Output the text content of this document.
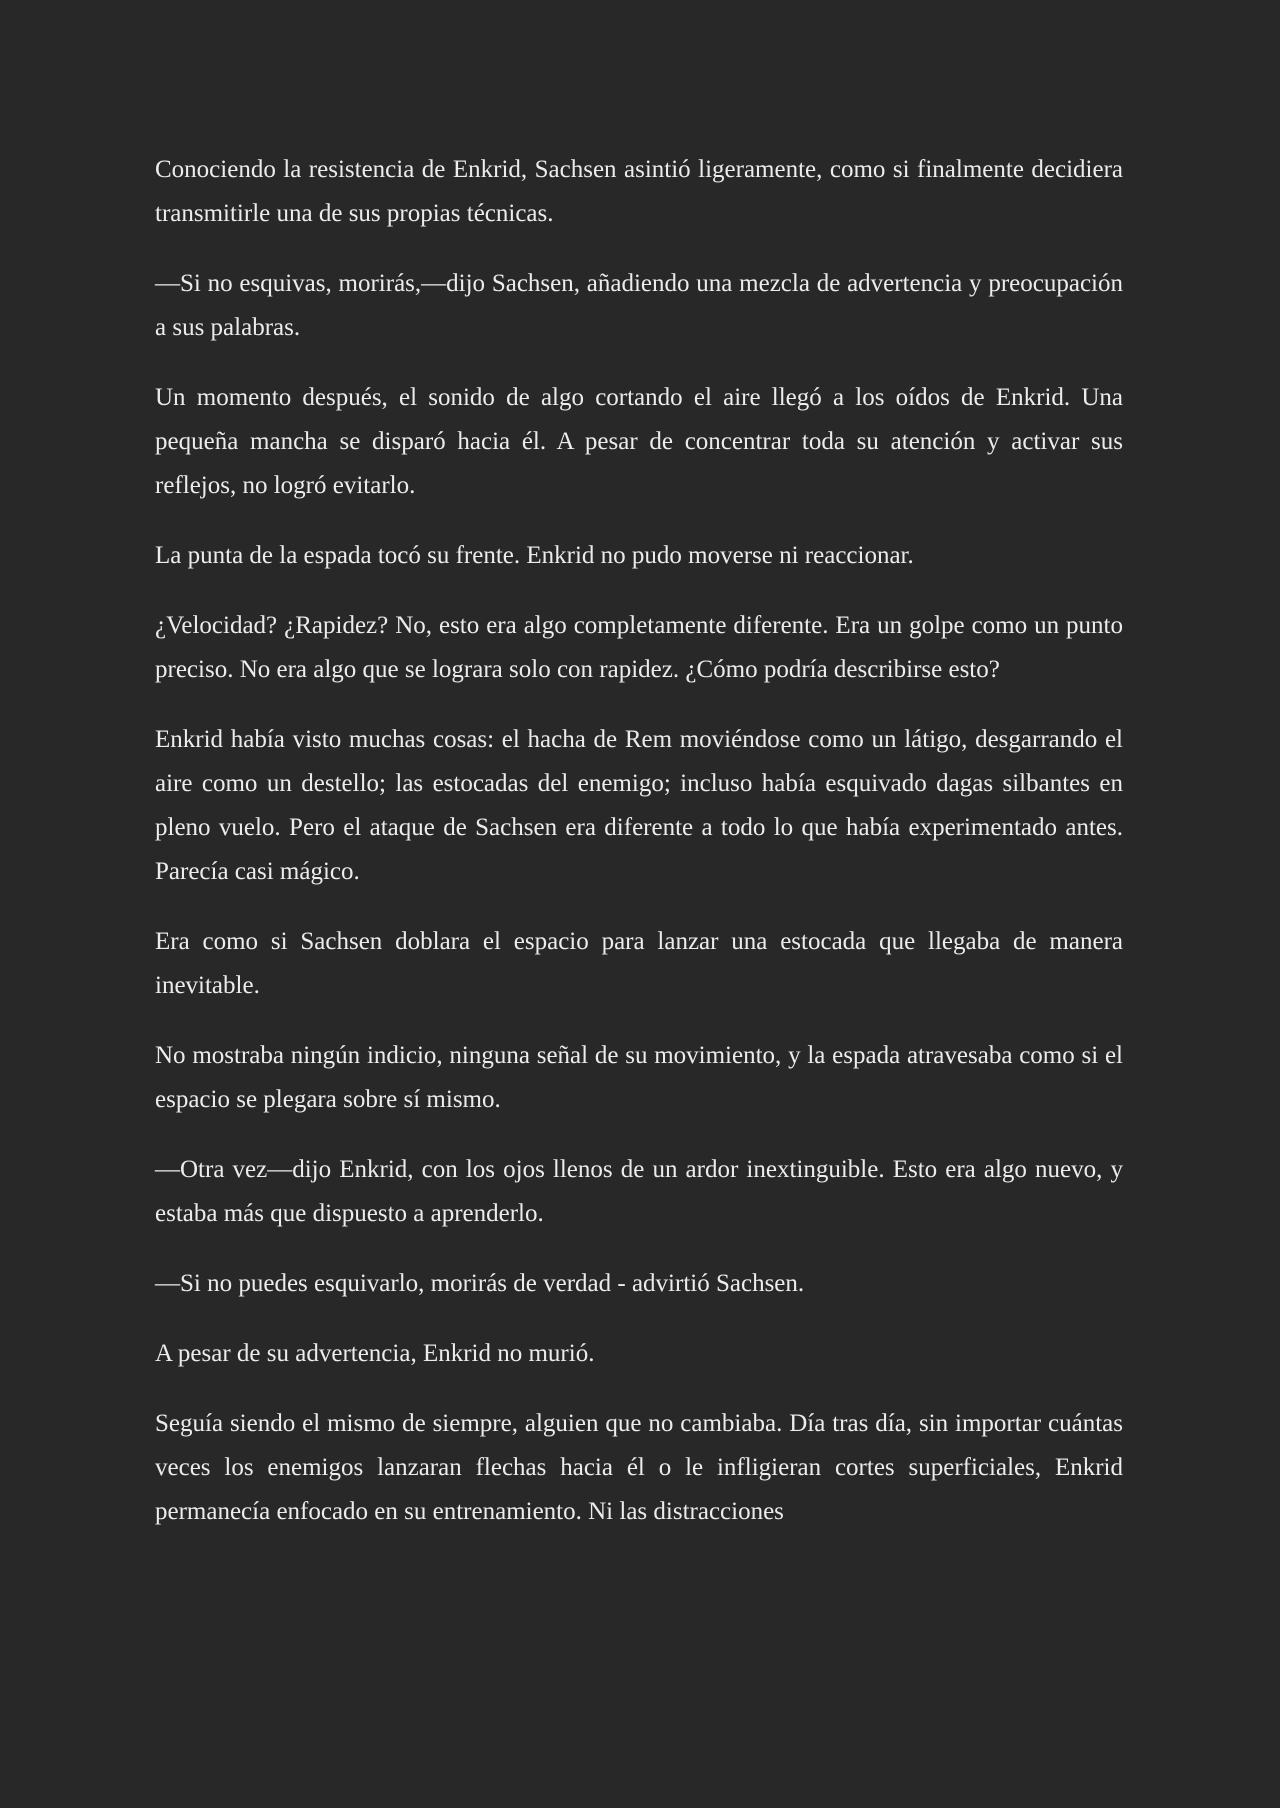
Conociendo la resistencia de Enkrid, Sachsen asintió ligeramente, como si finalmente decidiera transmitirle una de sus propias técnicas.

—Si no esquivas, morirás,—dijo Sachsen, añadiendo una mezcla de advertencia y preocupación a sus palabras.

Un momento después, el sonido de algo cortando el aire llegó a los oídos de Enkrid. Una pequeña mancha se disparó hacia él. A pesar de concentrar toda su atención y activar sus reflejos, no logró evitarlo.

La punta de la espada tocó su frente. Enkrid no pudo moverse ni reaccionar.

¿Velocidad? ¿Rapidez? No, esto era algo completamente diferente. Era un golpe como un punto preciso. No era algo que se lograra solo con rapidez. ¿Cómo podría describirse esto?

Enkrid había visto muchas cosas: el hacha de Rem moviéndose como un látigo, desgarrando el aire como un destello; las estocadas del enemigo; incluso había esquivado dagas silbantes en pleno vuelo. Pero el ataque de Sachsen era diferente a todo lo que había experimentado antes. Parecía casi mágico.

Era como si Sachsen doblara el espacio para lanzar una estocada que llegaba de manera inevitable.

No mostraba ningún indicio, ninguna señal de su movimiento, y la espada atravesaba como si el espacio se plegara sobre sí mismo.

—Otra vez—dijo Enkrid, con los ojos llenos de un ardor inextinguible. Esto era algo nuevo, y estaba más que dispuesto a aprenderlo.

—Si no puedes esquivarlo, morirás de verdad - advirtió Sachsen.

A pesar de su advertencia, Enkrid no murió.

Seguía siendo el mismo de siempre, alguien que no cambiaba. Día tras día, sin importar cuántas veces los enemigos lanzaran flechas hacia él o le infligieran cortes superficiales, Enkrid permanecía enfocado en su entrenamiento. Ni las distracciones
